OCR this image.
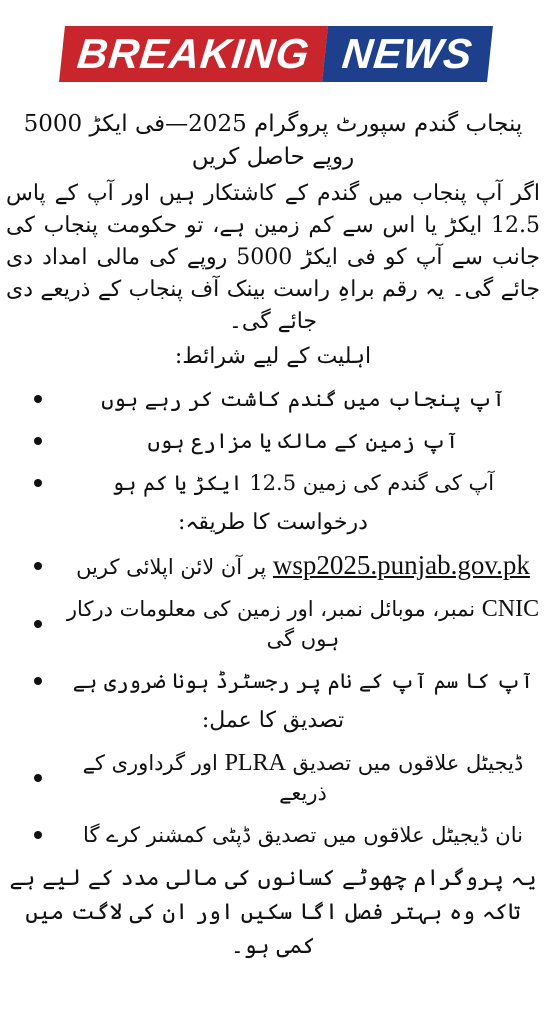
BREAKING NEWS
پنجاب گندم سپورٹ پروگرام 2025—فی ایکڑ 5000 روپے حاصل کریں

اگر آپ پنجاب میں گندم کے کاشتکار ہیں اور آپ کے پاس 12.5 ایکڑ یا اس سے کم زمین ہے، تو حکومت پنجاب کی جانب سے آپ کو فی ایکڑ 5000 روپے کی مالی امداد دی جائے گی۔ یہ رقم براہِ راست بینک آف پنجاب کے ذریعے دی جائے گی۔

اہلیت کے لیے شرائط:
آپ پنجاب میں گندم کاشت کر رہے ہوں
آپ زمین کے مالک یا مزارع ہوں
آپ کی گندم کی زمین 12.5 ایکڑ یا کم ہو
درخواست کا طریقہ:
wsp2025.punjab.gov.pk پر آن لائن اپلائی کریں
CNIC نمبر، موبائل نمبر، اور زمین کی معلومات درکار ہوں گی
آپ کا سم آپ کے نام پر رجسٹرڈ ہونا ضروری ہے
تصدیق کا عمل:
ڈیجیٹل علاقوں میں تصدیق PLRA اور گرداوری کے ذریعے
نان ڈیجیٹل علاقوں میں تصدیق ڈپٹی کمشنر کرے گا

یہ پروگرام چھوٹے کسانوں کی مالی مدد کے لیے ہے تاکہ وہ بہتر فصل اگا سکیں اور ان کی لاگت میں کمی ہو۔
